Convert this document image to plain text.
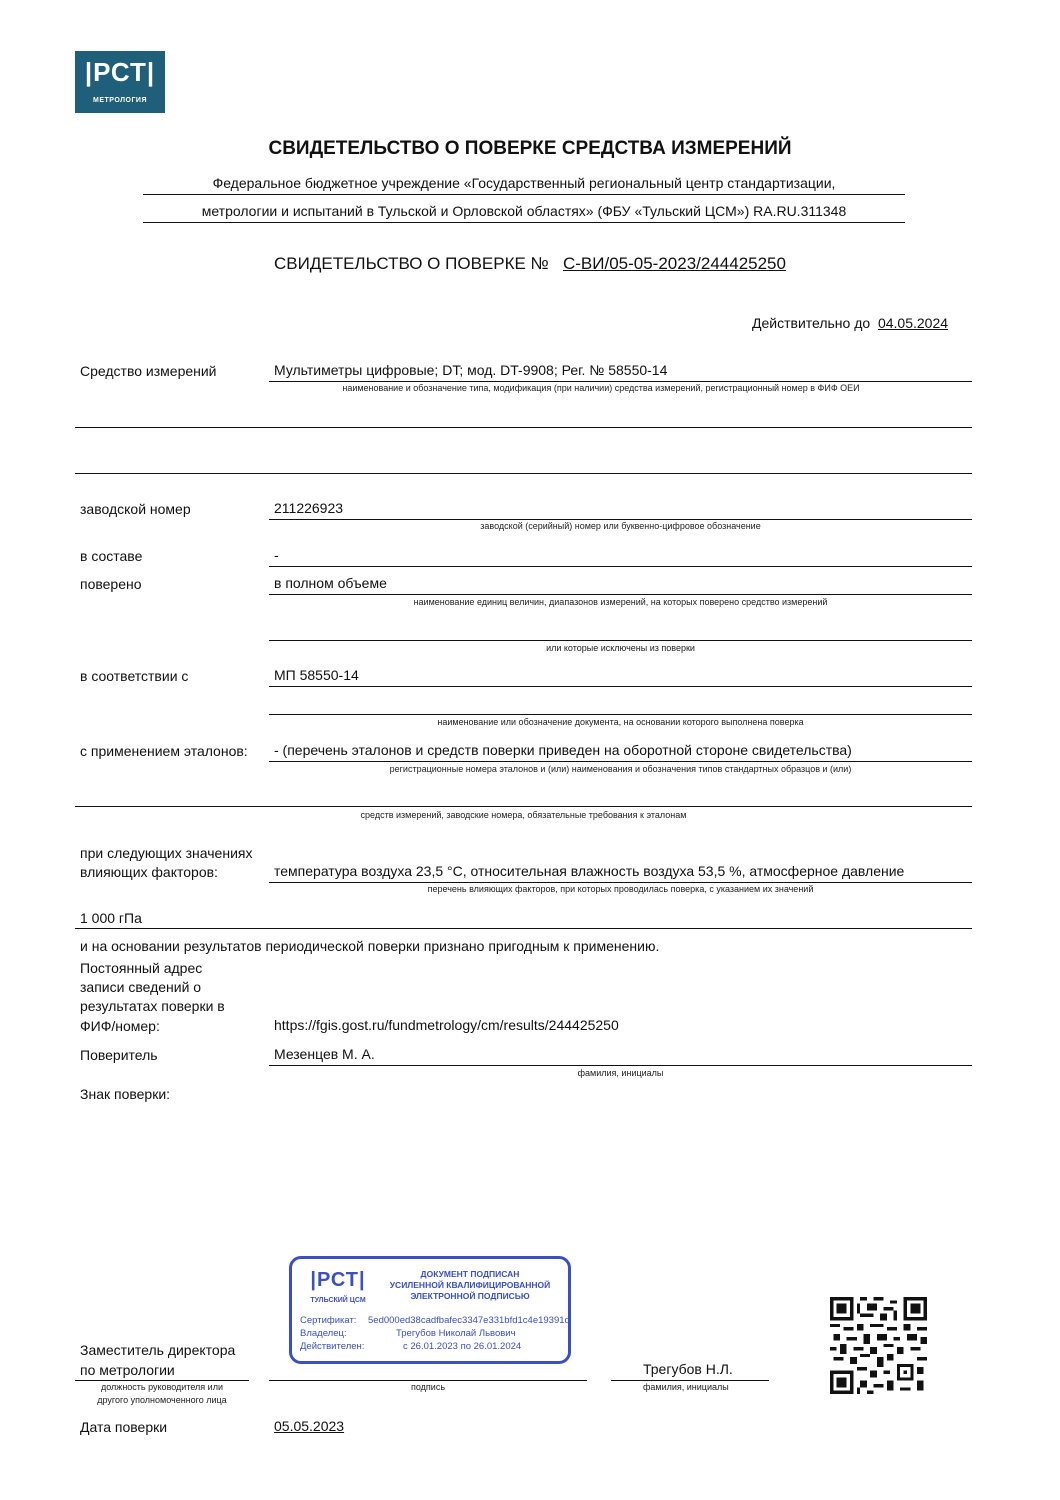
|РСТ|
МЕТРОЛОГИЯ
СВИДЕТЕЛЬСТВО О ПОВЕРКЕ СРЕДСТВА ИЗМЕРЕНИЙ
Федеральное бюджетное учреждение «Государственный региональный центр стандартизации,
метрологии и испытаний в Тульской и Орловской областях» (ФБУ «Тульский ЦСМ») RA.RU.311348
СВИДЕТЕЛЬСТВО О ПОВЕРКЕ № С-ВИ/05-05-2023/244425250
Действительно до 04.05.2024
Средство измерений	Мультиметры цифровые; DT; мод. DT-9908; Рег. № 58550-14
наименование и обозначение типа, модификация (при наличии) средства измерений, регистрационный номер в ФИФ ОЕИ
заводской номер	211226923
заводской (серийный) номер или буквенно-цифровое обозначение
в составе	-
поверено	в полном объеме
наименование единиц величин, диапазонов измерений, на которых поверено средство измерений
или которые исключены из поверки
в соответствии с	МП 58550-14
наименование или обозначение документа, на основании которого выполнена поверка
с применением эталонов: - (перечень эталонов и средств поверки приведен на оборотной стороне свидетельства)
регистрационные номера эталонов и (или) наименования и обозначения типов стандартных образцов и (или)
средств измерений, заводские номера, обязательные требования к эталонам
при следующих значениях
влияющих факторов:	температура воздуха 23,5 °C, относительная влажность воздуха 53,5 %, атмосферное давление
перечень влияющих факторов, при которых проводилась поверка, с указанием их значений
1 000 гПа
и на основании результатов периодической поверки признано пригодным к применению.
Постоянный адрес
записи сведений о
результатах поверки в
ФИФ/номер:	https://fgis.gost.ru/fundmetrology/cm/results/244425250
Поверитель	Мезенцев М. А.
фамилия, инициалы
Знак поверки:
|РСТ|
ТУЛЬСКИЙ ЦСМ
ДОКУМЕНТ ПОДПИСАН
УСИЛЕННОЙ КВАЛИФИЦИРОВАННОЙ
ЭЛЕКТРОННОЙ ПОДПИСЬЮ
Сертификат: 5ed000ed38cadfbafec3347e331bfd1c4e19391d
Владелец:	Трегубов Николай Львович
Действителен:	с 26.01.2023 по 26.01.2024
Заместитель директора
по метрологии
должность руководителя или
другого уполномоченного лица
подпись
Трегубов Н.Л.
фамилия, инициалы
Дата поверки	05.05.2023
